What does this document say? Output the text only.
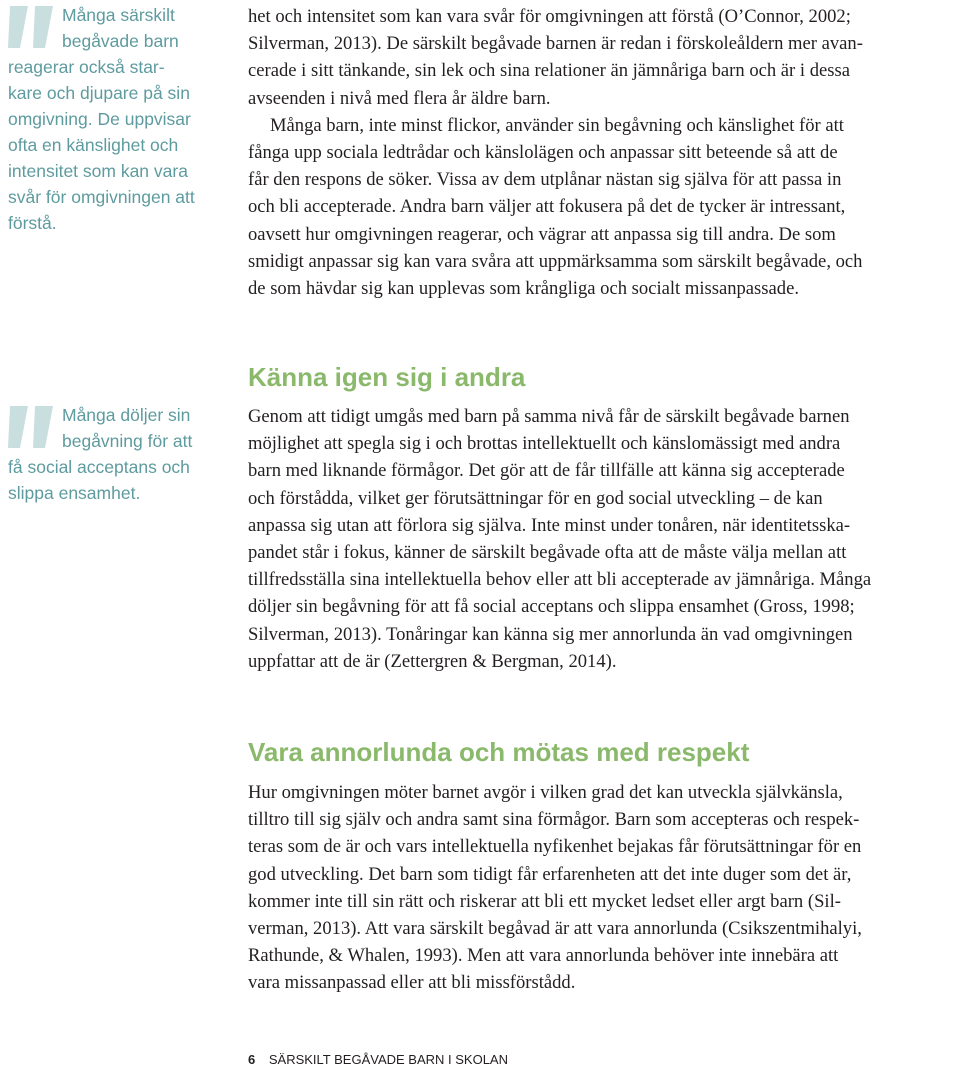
Många särskilt
begåvade barn
reagerar också star-
kare och djupare på sin
omgivning. De uppvisar
ofta en känslighet och
intensitet som kan vara
svår för omgivningen att
förstå.
Många döljer sin
begåvning för att
få social acceptans och
slippa ensamhet.
het och intensitet som kan vara svår för omgivningen att förstå (O’Connor, 2002;
Silverman, 2013). De särskilt begåvade barnen är redan i förskoleåldern mer avan-
cerade i sitt tänkande, sin lek och sina relationer än jämnåriga barn och är i dessa
avseenden i nivå med flera år äldre barn.
Många barn, inte minst flickor, använder sin begåvning och känslighet för att
fånga upp sociala ledtrådar och känslolägen och anpassar sitt beteende så att de
får den respons de söker. Vissa av dem utplånar nästan sig själva för att passa in
och bli accepterade. Andra barn väljer att fokusera på det de tycker är intressant,
oavsett hur omgivningen reagerar, och vägrar att anpassa sig till andra. De som
smidigt anpassar sig kan vara svåra att uppmärksamma som särskilt begåvade, och
de som hävdar sig kan upplevas som krångliga och socialt missanpassade.
Känna igen sig i andra
Genom att tidigt umgås med barn på samma nivå får de särskilt begåvade barnen
möjlighet att spegla sig i och brottas intellektuellt och känslomässigt med andra
barn med liknande förmågor. Det gör att de får tillfälle att känna sig accepterade
och förstådda, vilket ger förutsättningar för en god social utveckling – de kan
anpassa sig utan att förlora sig själva. Inte minst under tonåren, när identitetsska-
pandet står i fokus, känner de särskilt begåvade ofta att de måste välja mellan att
tillfredsställa sina intellektuella behov eller att bli accepterade av jämnåriga. Många
döljer sin begåvning för att få social acceptans och slippa ensamhet (Gross, 1998;
Silverman, 2013). Tonåringar kan känna sig mer annorlunda än vad omgivningen
uppfattar att de är (Zettergren & Bergman, 2014).
Vara annorlunda och mötas med respekt
Hur omgivningen möter barnet avgör i vilken grad det kan utveckla självkänsla,
tilltro till sig själv och andra samt sina förmågor. Barn som accepteras och respek-
teras som de är och vars intellektuella nyfikenhet bejakas får förutsättningar för en
god utveckling. Det barn som tidigt får erfarenheten att det inte duger som det är,
kommer inte till sin rätt och riskerar att bli ett mycket ledset eller argt barn (Sil-
verman, 2013). Att vara särskilt begåvad är att vara annorlunda (Csikszentmihalyi,
Rathunde, & Whalen, 1993). Men att vara annorlunda behöver inte innebära att
vara missanpassad eller att bli missförstådd.
6 SÄRSKILT BEGÅVADE BARN I SKOLAN
